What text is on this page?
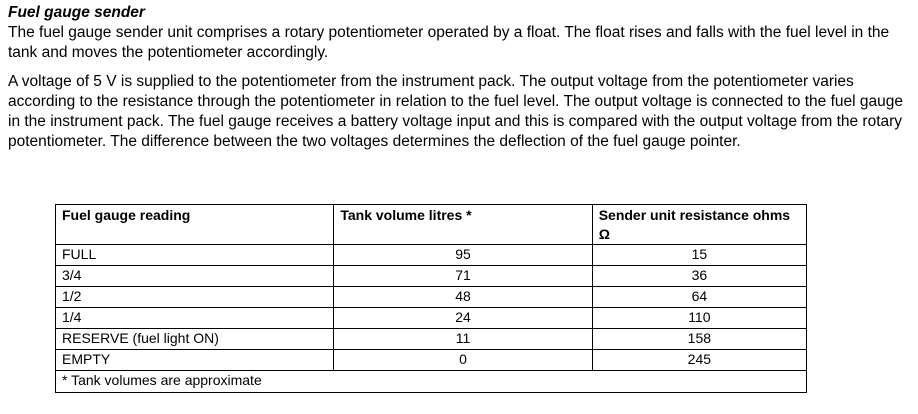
Fuel gauge sender

The fuel gauge sender unit comprises a rotary potentiometer operated by a float. The float rises and falls with the fuel level in the tank and moves the potentiometer accordingly.

A voltage of 5 V is supplied to the potentiometer from the instrument pack. The output voltage from the potentiometer varies according to the resistance through the potentiometer in relation to the fuel level. The output voltage is connected to the fuel gauge in the instrument pack. The fuel gauge receives a battery voltage input and this is compared with the output voltage from the rotary potentiometer. The difference between the two voltages determines the deflection of the fuel gauge pointer.

Fuel gauge reading	Tank volume litres *	Sender unit resistance ohms Ω
FULL	95	15
3/4	71	36
1/2	48	64
1/4	24	110
RESERVE (fuel light ON)	11	158
EMPTY	0	245
* Tank volumes are approximate		
